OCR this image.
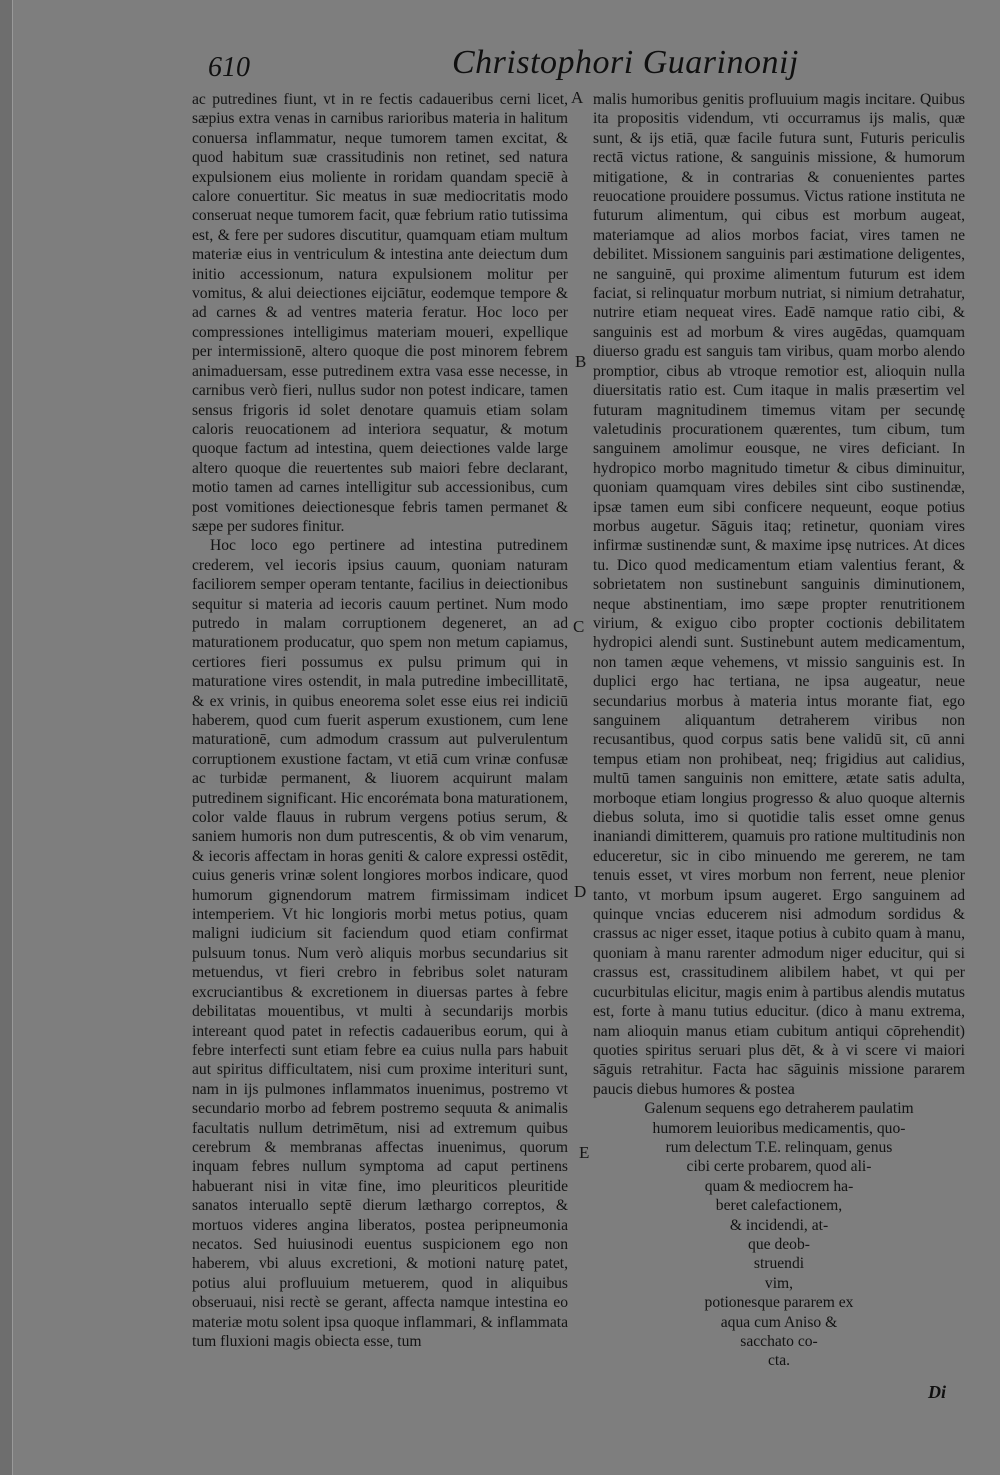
610	Christophori Guarinonij

ac putredines fiunt, vt in re fectis cadaueribus cerni licet, sæpius extra venas in carnibus rarioribus materia in halitum conuersa inflammatur, neque tumorem tamen excitat, & quod habitum suæ crassitudinis non retinet, sed natura expulsionem eius moliente in roridam quandam speciē à calore conuertitur. Sic meatus in suæ mediocritatis modo conseruat neque tumorem facit, quæ febrium ratio tutissima est, & fere per sudores discutitur, quamquam etiam multum materiæ eius in ventriculum & intestina ante deiectum dum initio accessionum, natura expulsionem molitur per vomitus, & alui deiectiones eijciātur, eodemque tempore & ad carnes & ad ventres materia feratur. Hoc loco per compressiones intelligimus materiam moueri, expellique per intermissionē, altero quoque die post minorem febrem animaduersam, esse putredinem extra vasa esse necesse, in carnibus verò fieri, nullus sudor non potest indicare, tamen sensus frigoris id solet denotare quamuis etiam solam caloris reuocationem ad interiora sequatur, & motum quoque factum ad intestina, quem deiectiones valde large altero quoque die reuertentes sub maiori febre declarant, motio tamen ad carnes intelligitur sub accessionibus, cum post vomitiones deiectionesque febris tamen permanet & sæpe per sudores finitur.

Hoc loco ego pertinere ad intestina putredinem crederem, vel iecoris ipsius cauum, quoniam naturam faciliorem semper operam tentante, facilius in deiectionibus sequitur si materia ad iecoris cauum pertinet. Num modo putredo in malam corruptionem degeneret, an ad maturationem producatur, quo spem non metum capiamus, certiores fieri possumus ex pulsu primum qui in maturatione vires ostendit, in mala putredine imbecillitatē, & ex vrinis, in quibus eneorema solet esse eius rei indiciū haberem, quod cum fuerit asperum exustionem, cum lene maturationē, cum admodum crassum aut pulverulentum corruptionem exustione factam, vt etiā cum vrinæ confusæ ac turbidæ permanent, & liuorem acquirunt malam putredinem significant. Hic encorémata bona maturationem, color valde flauus in rubrum vergens potius serum, & saniem humoris non dum putrescentis, & ob vim venarum, & iecoris affectam in horas geniti & calore expressi ostēdit, cuius generis vrinæ solent longiores morbos indicare, quod humorum gignendorum matrem firmissimam indicet intemperiem. Vt hic longioris morbi metus potius, quam maligni iudicium sit faciendum quod etiam confirmat pulsuum tonus. Num verò aliquis morbus secundarius sit metuendus, vt fieri crebro in febribus solet naturam excruciantibus & excretionem in diuersas partes à febre debilitatas mouentibus, vt multi à secundarijs morbis intereant quod patet in refectis cadaueribus eorum, qui à febre interfecti sunt etiam febre ea cuius nulla pars habuit aut spiritus difficultatem, nisi cum proxime interituri sunt, nam in ijs pulmones inflammatos inuenimus, postremo vt secundario morbo ad febrem postremo sequuta & animalis facultatis nullum detrimētum, nisi ad extremum quibus cerebrum & membranas affectas inuenimus, quorum inquam febres nullum symptoma ad caput pertinens habuerant nisi in vitæ fine, imo pleuriticos pleuritide sanatos interuallo septē dierum læthargo correptos, & mortuos videres angina liberatos, postea peripneumonia necatos. Sed huiusinodi euentus suspicionem ego non haberem, vbi aluus excretioni, & motioni naturę patet, potius alui profluuium metuerem, quod in aliquibus obseruaui, nisi rectè se gerant, affecta namque intestina eo materiæ motu solent ipsa quoque inflammari, & inflammata tum fluxioni magis obiecta esse, tum

A
B
C
D
E

malis humoribus genitis profluuium magis incitare. Quibus ita propositis videndum, vti occurramus ijs malis, quæ sunt, & ijs etiā, quæ facile futura sunt, Futuris periculis rectā victus ratione, & sanguinis missione, & humorum mitigatione, & in contrarias & conuenientes partes reuocatione prouidere possumus. Victus ratione instituta ne futurum alimentum, qui cibus est morbum augeat, materiamque ad alios morbos faciat, vires tamen ne debilitet. Missionem sanguinis pari æstimatione deligentes, ne sanguinē, qui proxime alimentum futurum est idem faciat, si relinquatur morbum nutriat, si nimium detrahatur, nutrire etiam nequeat vires. Eadē namque ratio cibi, & sanguinis est ad morbum & vires augēdas, quamquam diuerso gradu est sanguis tam viribus, quam morbo alendo promptior, cibus ab vtroque remotior est, alioquin nulla diuersitatis ratio est. Cum itaque in malis præsertim vel futuram magnitudinem timemus vitam per secundę valetudinis procurationem quærentes, tum cibum, tum sanguinem amolimur eousque, ne vires deficiant. In hydropico morbo magnitudo timetur & cibus diminuitur, quoniam quamquam vires debiles sint cibo sustinendæ, ipsæ tamen eum sibi conficere nequeunt, eoque potius morbus augetur. Sāguis itaq; retinetur, quoniam vires infirmæ sustinendæ sunt, & maxime ipsę nutrices. At dices tu. Dico quod medicamentum etiam valentius ferant, & sobrietatem non sustinebunt sanguinis diminutionem, neque abstinentiam, imo sæpe propter renutritionem virium, & exiguo cibo propter coctionis debilitatem hydropici alendi sunt. Sustinebunt autem medicamentum, non tamen æque vehemens, vt missio sanguinis est. In duplici ergo hac tertiana, ne ipsa augeatur, neue secundarius morbus à materia intus morante fiat, ego sanguinem aliquantum detraherem viribus non recusantibus, quod corpus satis bene validū sit, cū anni tempus etiam non prohibeat, neq; frigidius aut calidius, multū tamen sanguinis non emittere, ætate satis adulta, morboque etiam longius progresso & aluo quoque alternis diebus soluta, imo si quotidie talis esset omne genus inaniandi dimitterem, quamuis pro ratione multitudinis non educeretur, sic in cibo minuendo me gererem, ne tam tenuis esset, vt vires morbum non ferrent, neue plenior tanto, vt morbum ipsum augeret. Ergo sanguinem ad quinque vncias educerem nisi admodum sordidus & crassus ac niger esset, itaque potius à cubito quam à manu, quoniam à manu rarenter admodum niger educitur, qui si crassus est, crassitudinem alibilem habet, vt qui per cucurbitulas elicitur, magis enim à partibus alendis mutatus est, forte à manu tutius educitur. (dico à manu extrema, nam alioquin manus etiam cubitum antiqui cōprehendit) quoties spiritus seruari plus dēt, & à vi scere vi maiori sāguis retrahitur. Facta hac sāguinis missione pararem paucis diebus humores & postea

Galenum sequens ego detraherem paulatim
humorem leuioribus medicamentis, quo-
rum delectum T.E. relinquam, genus
cibi certe probarem, quod ali-
quam & mediocrem ha-
beret calefactionem,
& incidendi, at-
que deob-
struendi
vim,
potionesque pararem ex
aqua cum Aniso &
sacchato co-
cta.
Di
